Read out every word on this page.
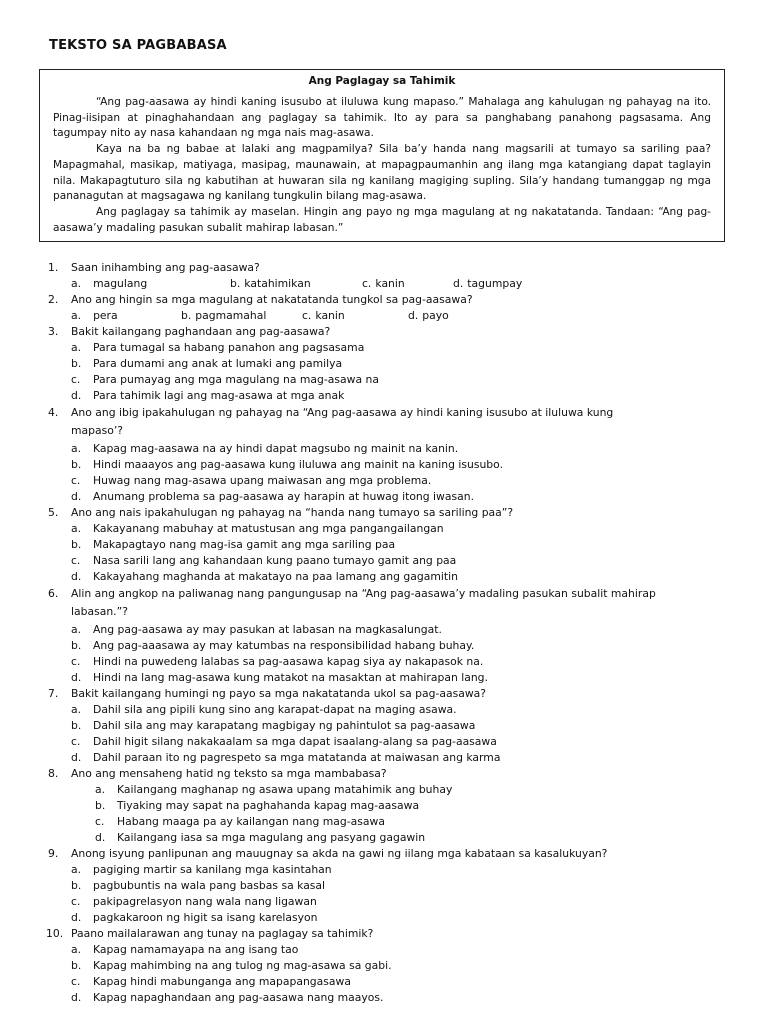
TEKSTO SA PAGBABASA
Ang Paglagay sa Tahimik

“Ang pag-aasawa ay hindi kaning isusubo at iluluwa kung mapaso.” Mahalaga ang kahulugan ng pahayag na ito. Pinag-iisipan at pinaghahandaan ang paglagay sa tahimik. Ito ay para sa panghabang panahong pagsasama. Ang tagumpay nito ay nasa kahandaan ng mga nais mag-asawa.

Kaya na ba ng babae at lalaki ang magpamilya? Sila ba’y handa nang magsarili at tumayo sa sariling paa? Mapagmahal, masikap, matiyaga, masipag, maunawain, at mapagpaumanhin ang ilang mga katangiang dapat taglayin nila. Makapagtuturo sila ng kabutihan at huwaran sila ng kanilang magiging supling. Sila’y handang tumanggap ng mga pananagutan at magsagawa ng kanilang tungkulin bilang mag-asawa.

Ang paglagay sa tahimik ay maselan. Hingin ang payo ng mga magulang at ng nakatatanda. Tandaan: “Ang pag-aasawa’y madaling pasukan subalit mahirap labasan.”

1. Saan inihambing ang pag-aasawa?
a. magulang	b. katahimikan	c. kanin	d. tagumpay
2. Ano ang hingin sa mga magulang at nakatatanda tungkol sa pag-aasawa?
a. pera	b. pagmamahal	c. kanin	d. payo
3. Bakit kailangang paghandaan ang pag-aasawa?
a. Para tumagal sa habang panahon ang pagsasama
b. Para dumami ang anak at lumaki ang pamilya
c. Para pumayag ang mga magulang na mag-asawa na
d. Para tahimik lagi ang mag-asawa at mga anak
4. Ano ang ibig ipakahulugan ng pahayag na “Ang pag-aasawa ay hindi kaning isusubo at iluluwa kung mapaso’?
a. Kapag mag-aasawa na ay hindi dapat magsubo ng mainit na kanin.
b. Hindi maaayos ang pag-aasawa kung iluluwa ang mainit na kaning isusubo.
c. Huwag nang mag-asawa upang maiwasan ang mga problema.
d. Anumang problema sa pag-aasawa ay harapin at huwag itong iwasan.
5. Ano ang nais ipakahulugan ng pahayag na “handa nang tumayo sa sariling paa”?
a. Kakayanang mabuhay at matustusan ang mga pangangailangan
b. Makapagtayo nang mag-isa gamit ang mga sariling paa
c. Nasa sarili lang ang kahandaan kung paano tumayo gamit ang paa
d. Kakayahang maghanda at makatayo na paa lamang ang gagamitin
6. Alin ang angkop na paliwanag nang pangungusap na “Ang pag-aasawa’y madaling pasukan subalit mahirap labasan.”?
a. Ang pag-aasawa ay may pasukan at labasan na magkasalungat.
b. Ang pag-aaasawa ay may katumbas na responsibilidad habang buhay.
c. Hindi na puwedeng lalabas sa pag-aasawa kapag siya ay nakapasok na.
d. Hindi na lang mag-asawa kung matakot na masaktan at mahirapan lang.
7. Bakit kailangang humingi ng payo sa mga nakatatanda ukol sa pag-aasawa?
a. Dahil sila ang pipili kung sino ang karapat-dapat na maging asawa.
b. Dahil sila ang may karapatang magbigay ng pahintulot sa pag-aasawa
c. Dahil higit silang nakakaalam sa mga dapat isaalang-alang sa pag-aasawa
d. Dahil paraan ito ng pagrespeto sa mga matatanda at maiwasan ang karma
8. Ano ang mensaheng hatid ng teksto sa mga mambabasa?
a. Kailangang maghanap ng asawa upang matahimik ang buhay
b. Tiyaking may sapat na paghahanda kapag mag-aasawa
c. Habang maaga pa ay kailangan nang mag-asawa
d. Kailangang iasa sa mga magulang ang pasyang gagawin
9. Anong isyung panlipunan ang mauugnay sa akda na gawi ng iilang mga kabataan sa kasalukuyan?
a. pagiging martir sa kanilang mga kasintahan
b. pagbubuntis na wala pang basbas sa kasal
c. pakipagrelasyon nang wala nang ligawan
d. pagkakaroon ng higit sa isang karelasyon
10. Paano mailalarawan ang tunay na paglagay sa tahimik?
a. Kapag namamayapa na ang isang tao
b. Kapag mahimbing na ang tulog ng mag-asawa sa gabi.
c. Kapag hindi mabunganga ang mapapangasawa
d. Kapag napaghandaan ang pag-aasawa nang maayos.
